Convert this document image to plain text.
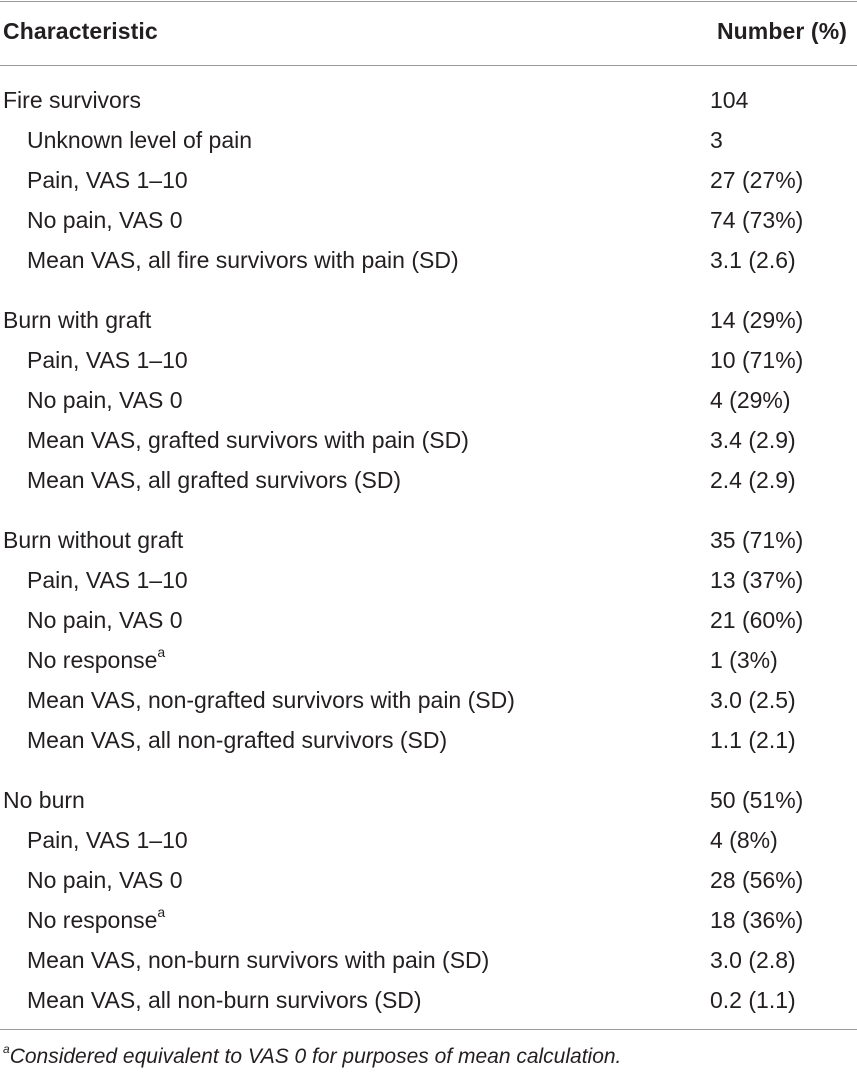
Characteristic	Number (%)
Fire survivors	104
Unknown level of pain	3
Pain, VAS 1–10	27 (27%)
No pain, VAS 0	74 (73%)
Mean VAS, all fire survivors with pain (SD)	3.1 (2.6)
Burn with graft	14 (29%)
Pain, VAS 1–10	10 (71%)
No pain, VAS 0	4 (29%)
Mean VAS, grafted survivors with pain (SD)	3.4 (2.9)
Mean VAS, all grafted survivors (SD)	2.4 (2.9)
Burn without graft	35 (71%)
Pain, VAS 1–10	13 (37%)
No pain, VAS 0	21 (60%)
No response$^a$	1 (3%)
Mean VAS, non-grafted survivors with pain (SD)	3.0 (2.5)
Mean VAS, all non-grafted survivors (SD)	1.1 (2.1)
No burn	50 (51%)
Pain, VAS 1–10	4 (8%)
No pain, VAS 0	28 (56%)
No response$^a$	18 (36%)
Mean VAS, non-burn survivors with pain (SD)	3.0 (2.8)
Mean VAS, all non-burn survivors (SD)	0.2 (1.1)
$^a$Considered equivalent to VAS 0 for purposes of mean calculation.
